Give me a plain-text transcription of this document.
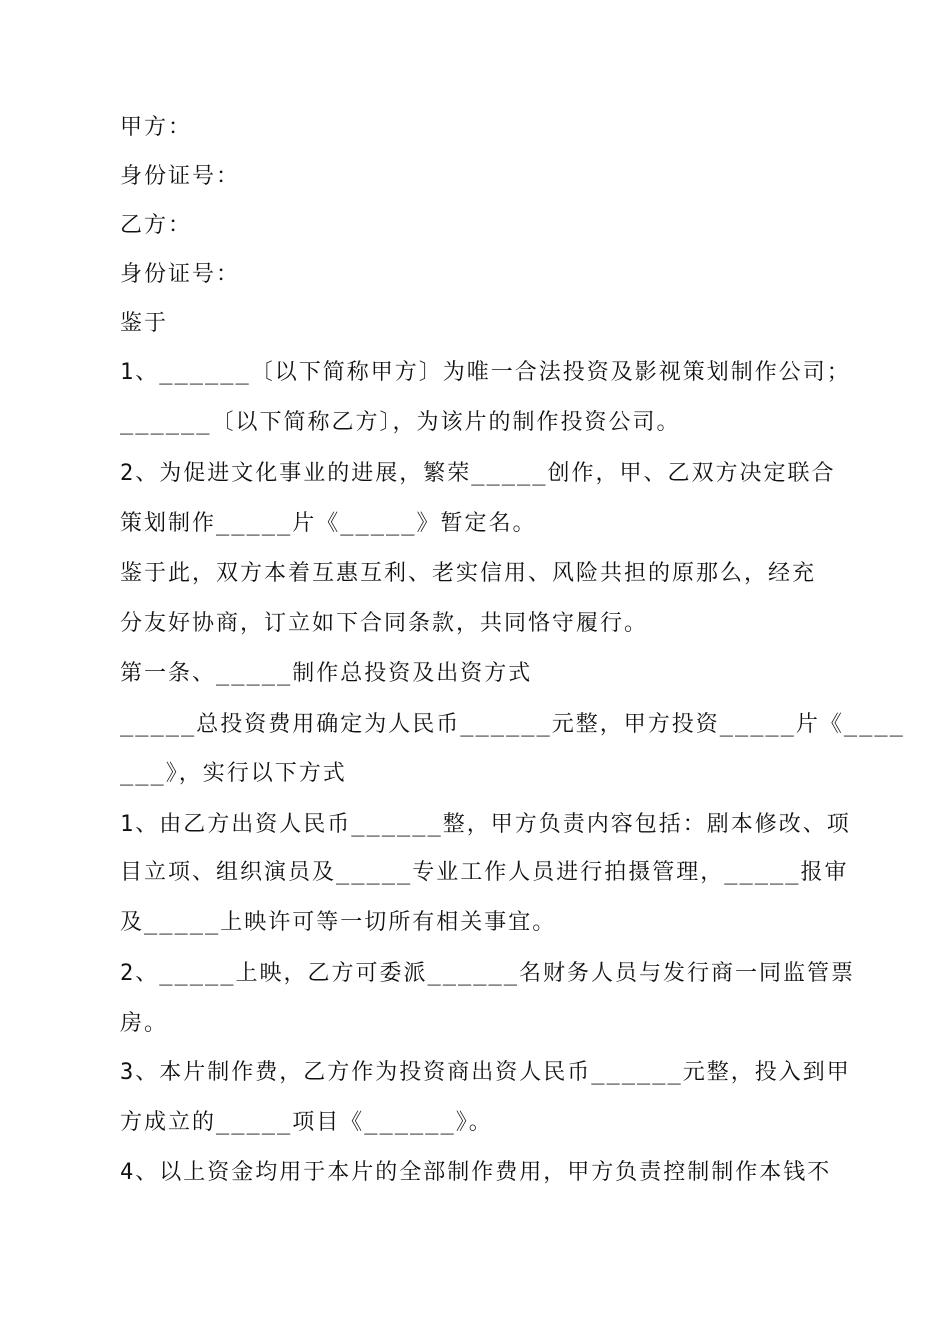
甲方：
身份证号：
乙方：
身份证号：
鉴于
1、______〔以下简称甲方〕为唯一合法投资及影视策划制作公司；
______〔以下简称乙方〕，为该片的制作投资公司。
2、为促进文化事业的进展，繁荣_____创作，甲、乙双方决定联合
策划制作_____片《_____》暂定名。
鉴于此，双方本着互惠互利、老实信用、风险共担的原那么，经充
分友好协商，订立如下合同条款，共同恪守履行。
第一条、_____制作总投资及出资方式
_____总投资费用确定为人民币______元整，甲方投资_____片《____
___》，实行以下方式
1、由乙方出资人民币______整，甲方负责内容包括：剧本修改、项
目立项、组织演员及_____专业工作人员进行拍摄管理，_____报审
及_____上映许可等一切所有相关事宜。
2、_____上映，乙方可委派______名财务人员与发行商一同监管票
房。
3、本片制作费，乙方作为投资商出资人民币______元整，投入到甲
方成立的_____项目《______》。
4、以上资金均用于本片的全部制作费用，甲方负责控制制作本钱不
